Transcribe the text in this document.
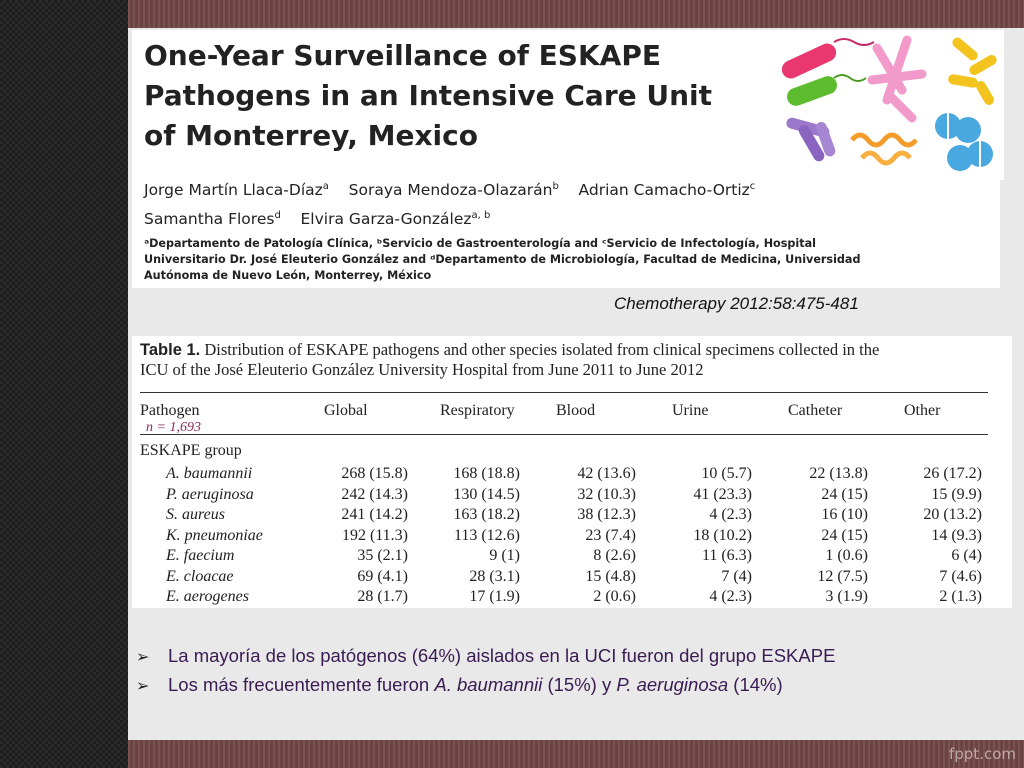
One-Year Surveillance of ESKAPE
Pathogens in an Intensive Care Unit
of Monterrey, Mexico
Jorge Martín Llaca-Díaz$^a$ Soraya Mendoza-Olazarán$^b$ Adrian Camacho-Ortiz$^c$
Samantha Flores$^d$ Elvira Garza-González$^{a, b}$
ᵃDepartamento de Patología Clínica, ᵇServicio de Gastroenterología and ᶜServicio de Infectología, Hospital
Universitario Dr. José Eleuterio González and ᵈDepartamento de Microbiología, Facultad de Medicina, Universidad
Autónoma de Nuevo León, Monterrey, México
Chemotherapy 2012:58:475-481
Table 1. Distribution of ESKAPE pathogens and other species isolated from clinical specimens collected in the
ICU of the José Eleuterio González University Hospital from June 2011 to June 2012
Pathogen	Global	Respiratory	Blood	Urine	Catheter	Other
n = 1,693
ESKAPE group
A. baumannii	268 (15.8)	168 (18.8)	42 (13.6)	10 (5.7)	22 (13.8)	26 (17.2)
P. aeruginosa	242 (14.3)	130 (14.5)	32 (10.3)	41 (23.3)	24 (15)	15 (9.9)
S. aureus	241 (14.2)	163 (18.2)	38 (12.3)	4 (2.3)	16 (10)	20 (13.2)
K. pneumoniae	192 (11.3)	113 (12.6)	23 (7.4)	18 (10.2)	24 (15)	14 (9.3)
E. faecium	35 (2.1)	9 (1)	8 (2.6)	11 (6.3)	1 (0.6)	6 (4)
E. cloacae	69 (4.1)	28 (3.1)	15 (4.8)	7 (4)	12 (7.5)	7 (4.6)
E. aerogenes	28 (1.7)	17 (1.9)	2 (0.6)	4 (2.3)	3 (1.9)	2 (1.3)
➢	La mayoría de los patógenos (64%) aislados en la UCI fueron del grupo ESKAPE
➢	Los más frecuentemente fueron A. baumannii (15%) y P. aeruginosa (14%)
fppt.com
